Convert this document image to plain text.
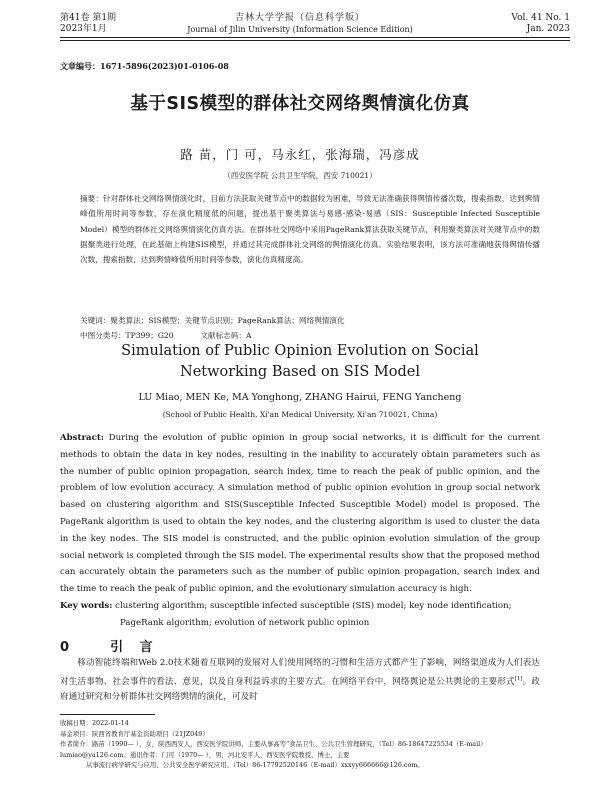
第41卷 第1期
2023年1月
吉林大学学报（信息科学版）
Journal of Jilin University (Information Science Edition)
Vol. 41 No. 1
Jan. 2023
文章编号：1671-5896(2023)01-0106-08
基于SIS模型的群体社交网络舆情演化仿真
路 苗，门 可，马永红，张海瑞，冯彦成
（西安医学院 公共卫生学院，西安 710021）
摘要：针对群体社交网络舆情演化时，目前方法获取关键节点中的数据较为困难，导致无法准确获得舆情传播次数，搜索指数，达到舆情峰值所用时间等参数，存在演化精度低的问题，提出基于聚类算法与易感-感染-易感（SIS：Susceptible Infected Susceptible Model）模型的群体社交网络舆情演化仿真方法。在群体社交网络中采用PageRank算法获取关键节点，利用聚类算法对关键节点中的数据聚类进行处理，在此基础上构建SIS模型，并通过其完成群体社交网络的舆情演化仿真。实验结果表明，该方法可准确地获得舆情传播次数，搜索指数，达到舆情峰值所用时间等参数，演化仿真精度高。
关键词：聚类算法；SIS模型；关键节点识别；PageRank算法；网络舆情演化
中图分类号：TP399；G20	文献标志码：A
Simulation of Public Opinion Evolution on Social
Networking Based on SIS Model
LU Miao, MEN Ke, MA Yonghong, ZHANG Hairui, FENG Yancheng
(School of Public Health, Xi'an Medical University, Xi'an 710021, China)
Abstract: During the evolution of public opinion in group social networks, it is difficult for the current methods to obtain the data in key nodes, resulting in the inability to accurately obtain parameters such as the number of public opinion propagation, search index, time to reach the peak of public opinion, and the problem of low evolution accuracy. A simulation method of public opinion evolution in group social network based on clustering algorithm and SIS(Susceptible Infected Susceptible Model) model is proposed. The PageRank algorithm is used to obtain the key nodes, and the clustering algorithm is used to cluster the data in the key nodes. The SIS model is constructed, and the public opinion evolution simulation of the group social network is completed through the SIS model. The experimental results show that the proposed method can accurately obtain the parameters such as the number of public opinion propagation, search index and the time to reach the peak of public opinion, and the evolutionary simulation accuracy is high.
Key words: clustering algorithm; susceptible infected susceptible (SIS) model; key node identification;
PageRank algorithm; evolution of network public opinion
0	引 言
移动智能终端和Web 2.0技术随着互联网的发展对人们使用网络的习惯和生活方式都产生了影响，网络渠道成为人们表达对生活事物、社会事件的看法、意见，以及自身利益诉求的主要方式。在网络平台中，网络舆论是公共舆论的主要形式[1]。政府通过研究和分析群体社交网络舆情的演化，可及时
收稿日期：2022-01-14
基金项目：陕西省教育厅基金资助项目（21JZ049）
作者简介：路苗（1990— ），女，陕西西安人，西安医学院讲师，主要从事高等“食品卫生、公共卫生管理研究，（Tel）86-18647225534（E-mail）lumiao@ya126.com；通讯作者：门可（1970— ），男，河北安平人，西安医学院教授，博士，主要
从事流行病学研究与应用、公共安全医学研究应用、（Tel）86-17792520146（E-mail）xxxyy666666@126.com。
